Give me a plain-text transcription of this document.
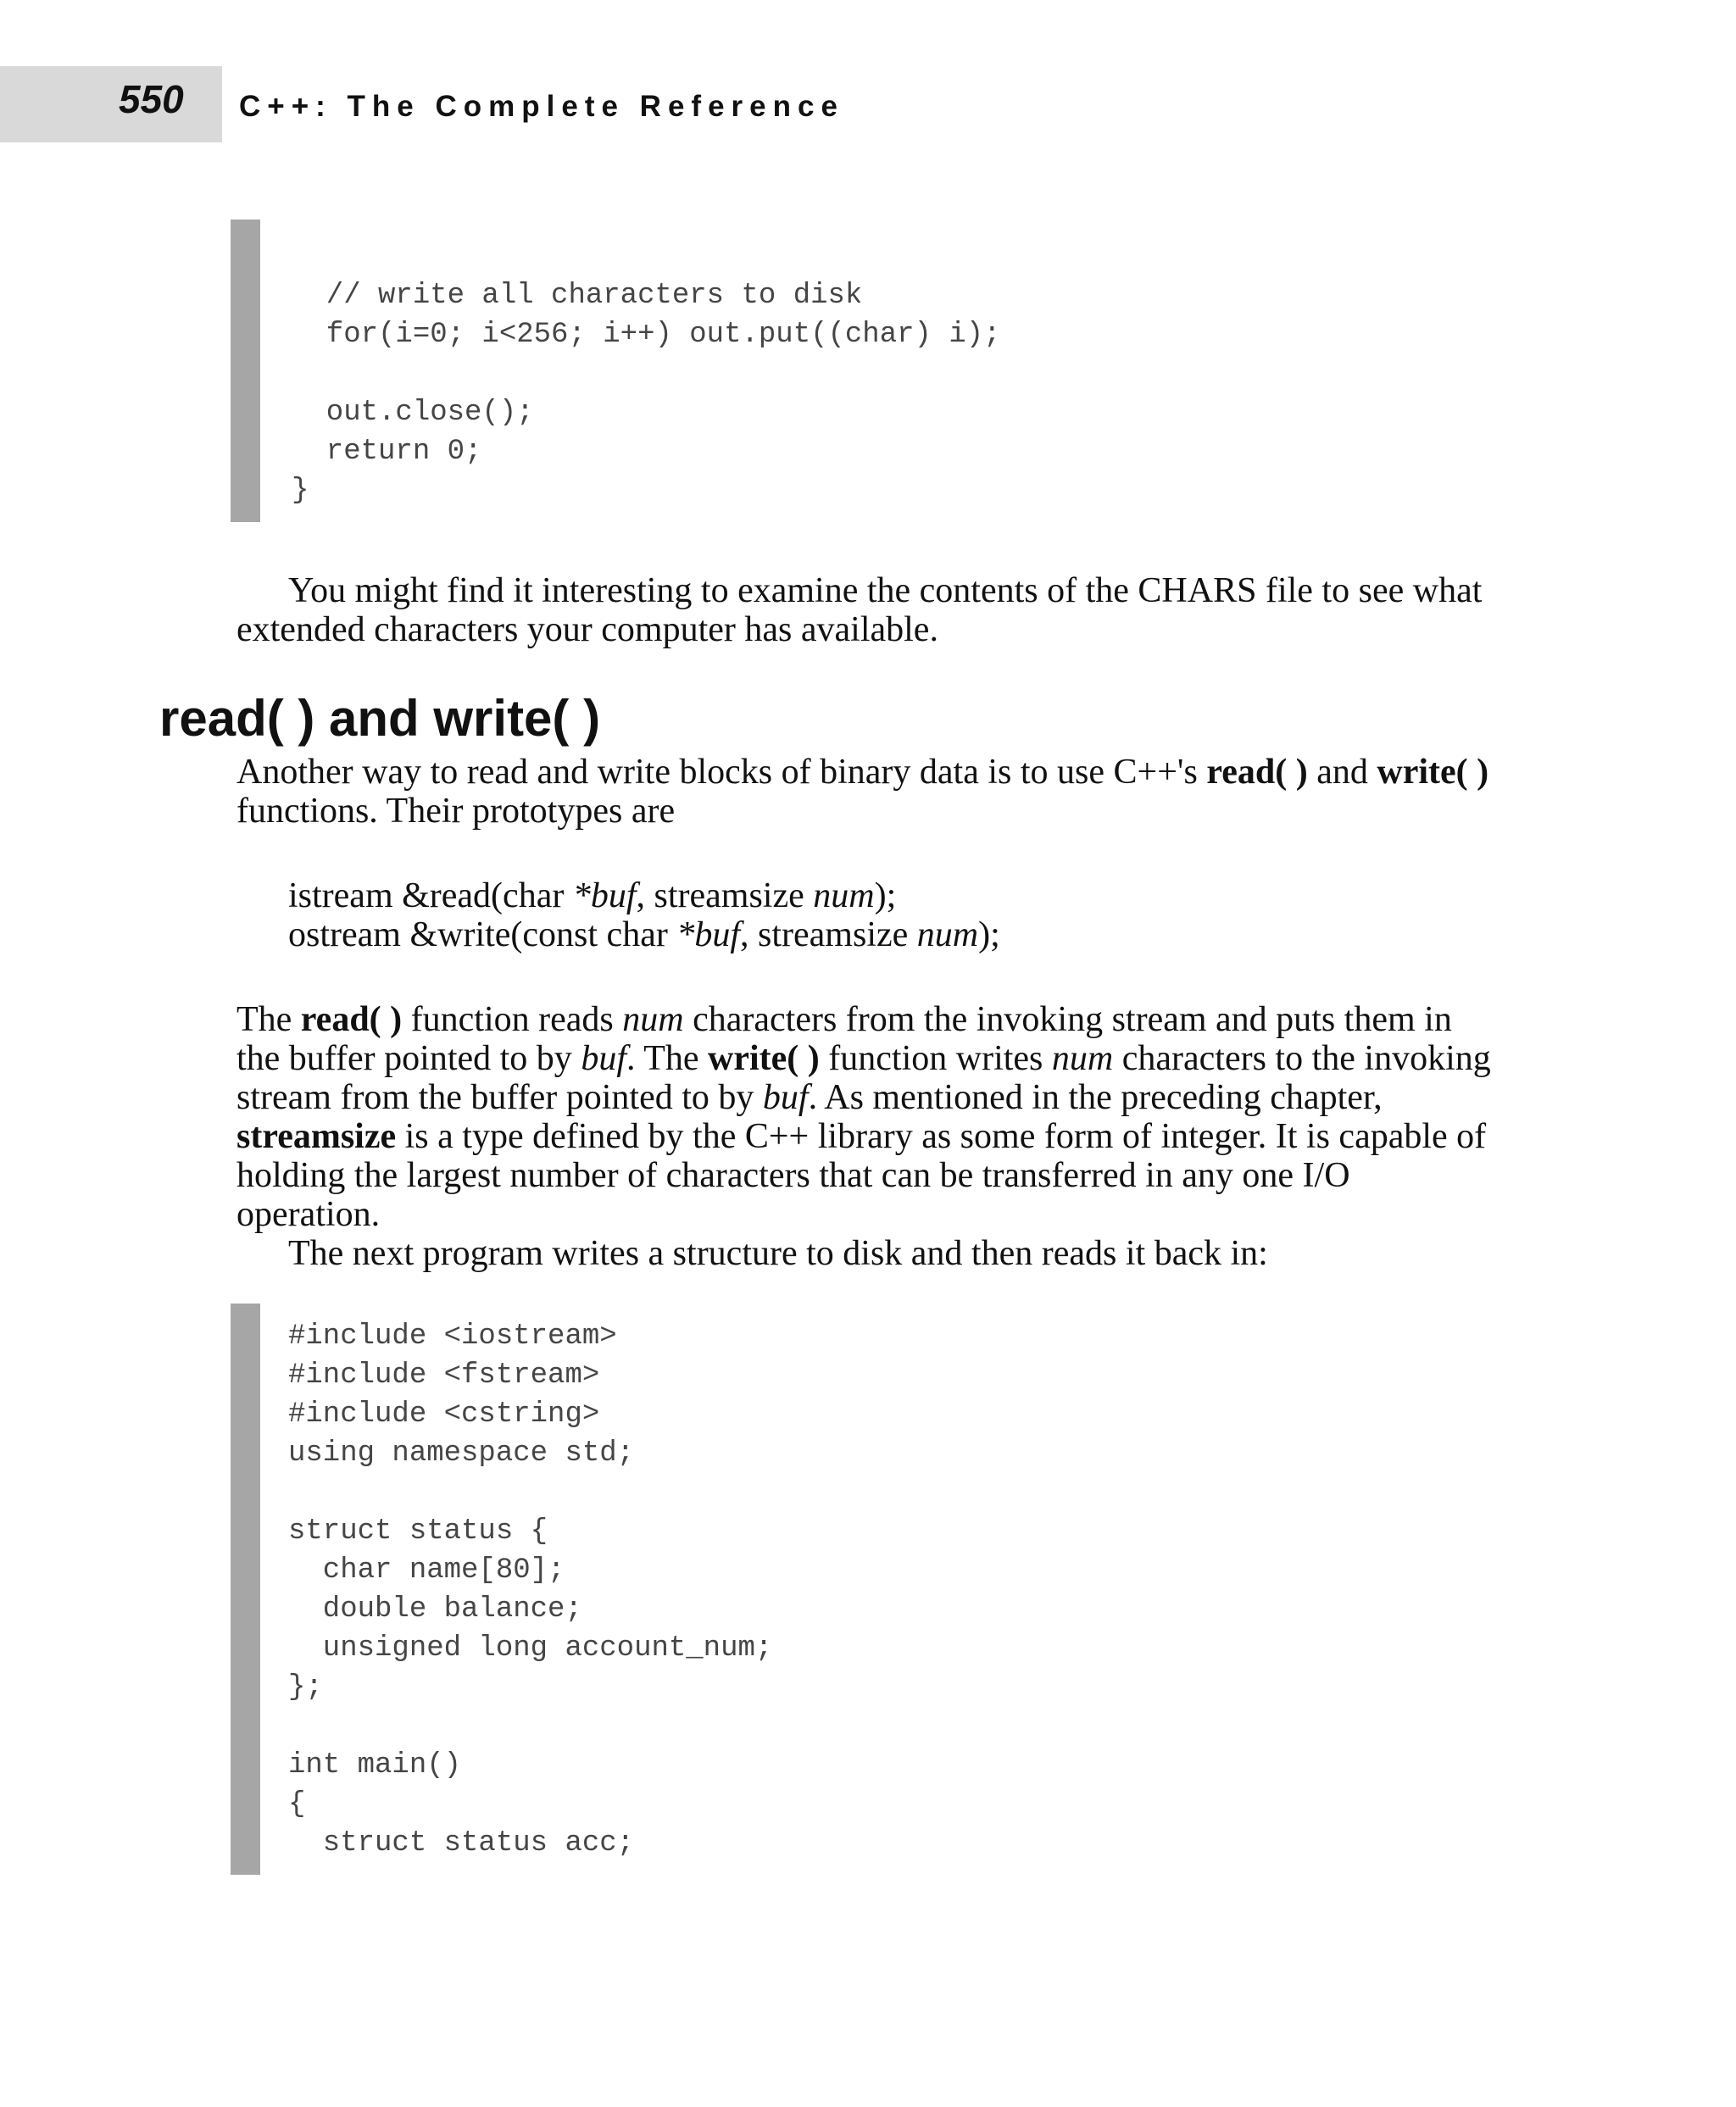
550 C++: The Complete Reference
// write all characters to disk
for(i=0; i<256; i++) out.put((char) i);
out.close();
return 0;
}
You might find it interesting to examine the contents of the CHARS file to see what
extended characters your computer has available.
read( ) and write( )
Another way to read and write blocks of binary data is to use C++'s read( ) and write( )
functions. Their prototypes are
istream &read(char *buf, streamsize num);
ostream &write(const char *buf, streamsize num);
The read( ) function reads num characters from the invoking stream and puts them in
the buffer pointed to by buf. The write( ) function writes num characters to the invoking
stream from the buffer pointed to by buf. As mentioned in the preceding chapter,
streamsize is a type defined by the C++ library as some form of integer. It is capable of
holding the largest number of characters that can be transferred in any one I/O
operation.
The next program writes a structure to disk and then reads it back in:
#include <iostream>
#include <fstream>
#include <cstring>
using namespace std;
struct status {
char name[80];
double balance;
unsigned long account_num;
};
int main()
{
struct status acc;
